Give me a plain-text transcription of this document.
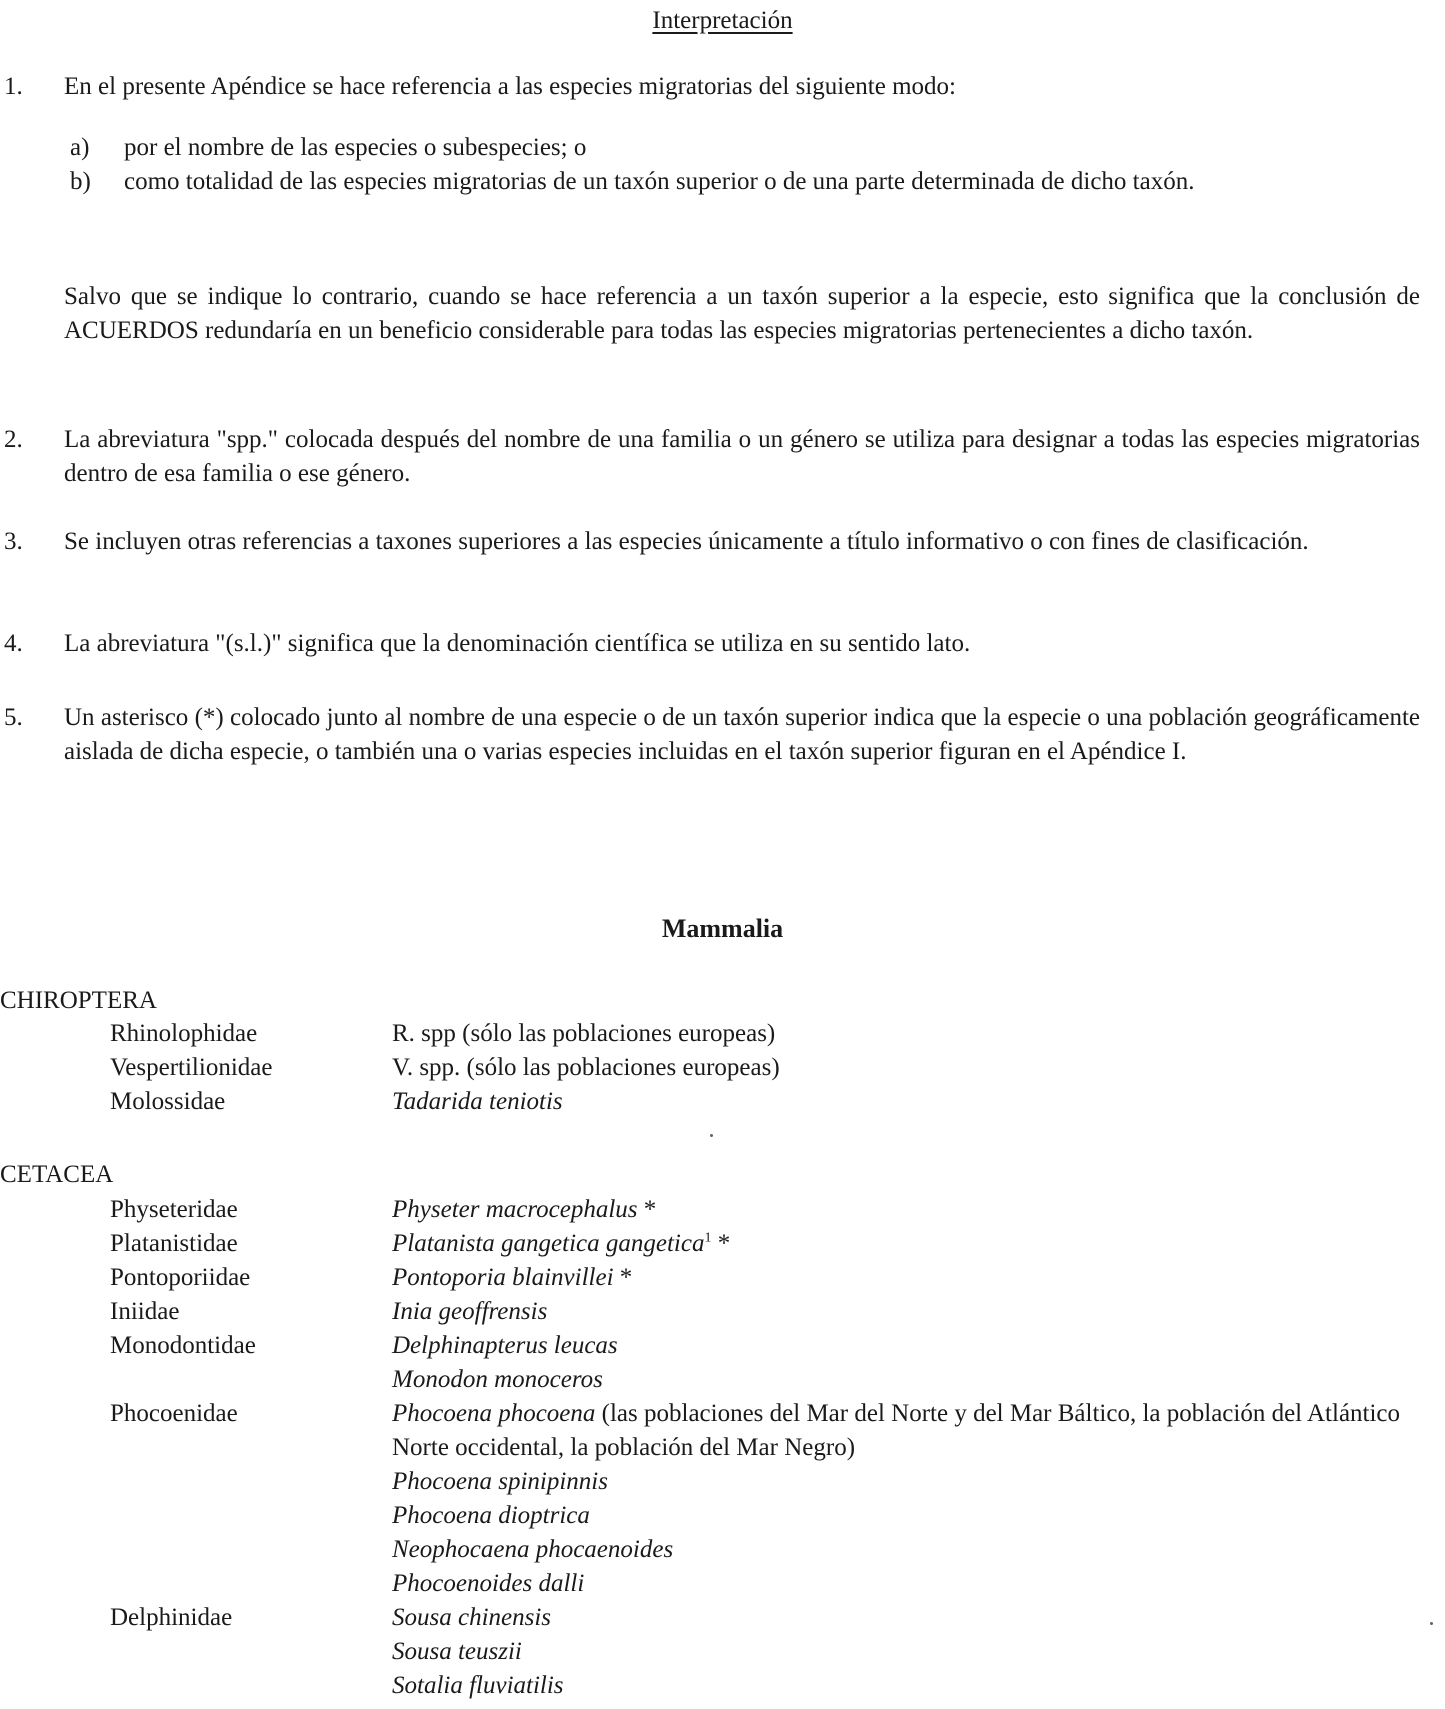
Interpretación
1. En el presente Apéndice se hace referencia a las especies migratorias del siguiente modo:
a) por el nombre de las especies o subespecies; o
b) como totalidad de las especies migratorias de un taxón superior o de una parte determinada de dicho taxón.
Salvo que se indique lo contrario, cuando se hace referencia a un taxón superior a la especie, esto significa que la conclusión de ACUERDOS redundaría en un beneficio considerable para todas las especies migratorias pertenecientes a dicho taxón.
2. La abreviatura "spp." colocada después del nombre de una familia o un género se utiliza para designar a todas las especies migratorias dentro de esa familia o ese género.
3. Se incluyen otras referencias a taxones superiores a las especies únicamente a título informativo o con fines de clasificación.
4. La abreviatura "(s.l.)" significa que la denominación científica se utiliza en su sentido lato.
5. Un asterisco (*) colocado junto al nombre de una especie o de un taxón superior indica que la especie o una población geográficamente aislada de dicha especie, o también una o varias especies incluidas en el taxón superior figuran en el Apéndice I.
Mammalia
CHIROPTERA
Rhinolophidae	R. spp (sólo las poblaciones europeas)
Vespertilionidae	V. spp. (sólo las poblaciones europeas)
Molossidae	Tadarida teniotis
CETACEA
Physeteridae	Physeter macrocephalus *
Platanistidae	Platanista gangetica gangetica$^1$ *
Pontoporiidae	Pontoporia blainvillei *
Iniidae	Inia geoffrensis
Monodontidae	Delphinapterus leucas
Monodon monoceros
Phocoenidae	Phocoena phocoena (las poblaciones del Mar del Norte y del Mar Báltico, la población del Atlántico Norte occidental, la población del Mar Negro)
Phocoena spinipinnis
Phocoena dioptrica
Neophocaena phocaenoides
Phocoenoides dalli
Delphinidae	Sousa chinensis
Sousa teuszii
Sotalia fluviatilis
